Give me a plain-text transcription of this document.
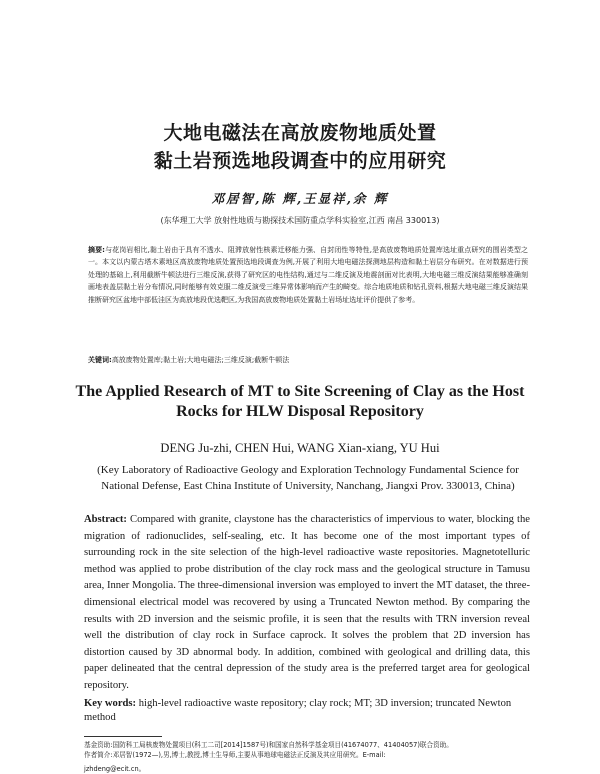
大地电磁法在高放废物地质处置
黏土岩预选地段调查中的应用研究
邓居智,陈 辉,王显祥,余 辉
(东华理工大学 放射性地质与勘探技术国防重点学科实验室,江西 南昌 330013)
摘要:与花岗岩相比,黏土岩由于具有不透水、阻滞放射性核素迁移能力强、自封闭性等特性,是高放废物地质处置库选址重点研究的围岩类型之一。本文以内蒙古塔木素地区高放废物地质处置预选地段调查为例,开展了利用大地电磁法探测地层构造和黏土岩层分布研究。在对数据进行预处理的基础上,利用截断牛顿法进行三维反演,获得了研究区的电性结构,通过与二维反演及地震剖面对比表明,大地电磁三维反演结果能够准确刻画地表盖层黏土岩分布情况,同时能够有效克服二维反演受三维异常体影响而产生的畸变。综合地质地质和钻孔资料,根据大地电磁三维反演结果推断研究区盆地中部低洼区为高放地段优选靶区,为我国高放废物地质处置黏土岩场址选址评价提供了参考。
关键词:高放废物处置库;黏土岩;大地电磁法;三维反演;截断牛顿法
The Applied Research of MT to Site Screening of Clay as the Host
Rocks for HLW Disposal Repository
DENG Ju-zhi, CHEN Hui, WANG Xian-xiang, YU Hui
(Key Laboratory of Radioactive Geology and Exploration Technology Fundamental Science for National Defense, East China Institute of University, Nanchang, Jiangxi Prov. 330013, China)
Abstract: Compared with granite, claystone has the characteristics of impervious to water, blocking the migration of radionuclides, self-sealing, etc. It has become one of the most important types of surrounding rock in the site selection of the high-level radioactive waste repositories. Magnetotelluric method was applied to probe distribution of the clay rock mass and the geological structure in Tamusu area, Inner Mongolia. The three-dimensional inversion was employed to invert the MT dataset, the three-dimensional electrical model was recovered by using a Truncated Newton method. By comparing the results with 2D inversion and the seismic profile, it is seen that the results with TRN inversion reveal well the distribution of clay rock in Surface caprock. It solves the problem that 2D inversion has distortion caused by 3D abnormal body. In addition, combined with geological and drilling data, this paper delineated that the central depression of the study area is the preferred target area for geological repository.
Key words: high-level radioactive waste repository; clay rock; MT; 3D inversion; truncated Newton method
基金资助:国防科工局核废物处置项目(科工二司[2014]1587号)和国家自然科学基金项目(41674077、41404057)联合资助。
作者简介:邓居智(1972—),男,博士,教授,博士生导师,主要从事地球电磁法正反演及其应用研究。E-mail:
jzhdeng@ecit.cn。
